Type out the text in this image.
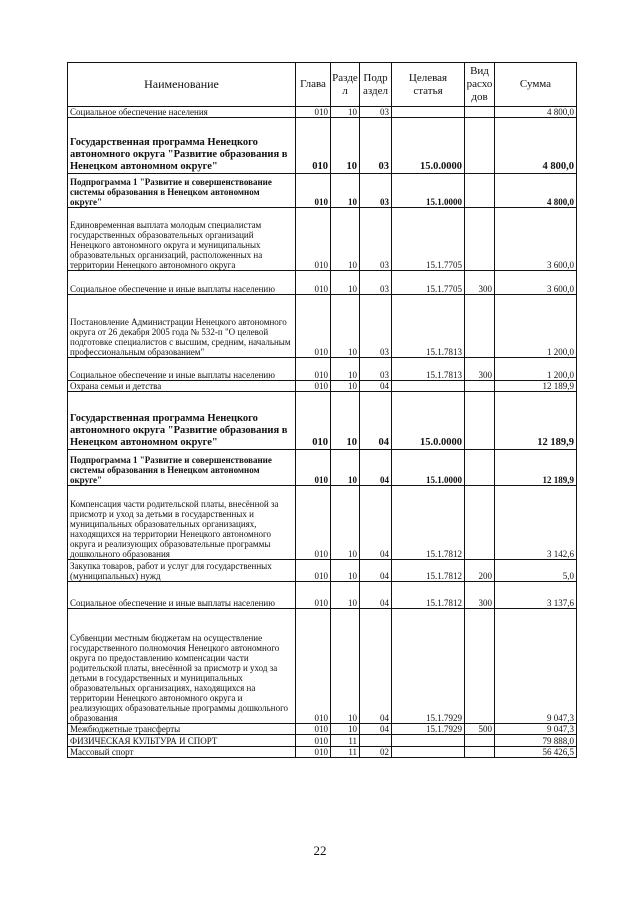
Наименование	Глава	Разде л	Подр аздел	Целевая статья	Вид расхо дов	Сумма
Социальное обеспечение населения	010	10	03			4 800,0
Государственная программа Ненецкого автономного округа "Развитие образования в Ненецком автономном округе"	010	10	03	15.0.0000		4 800,0
Подпрограмма 1 "Развитие и совершенствование системы образования в Ненецком автономном округе"	010	10	03	15.1.0000		4 800,0
Единовременная выплата молодым специалистам государственных образовательных организаций Ненецкого автономного округа и муниципальных образовательных организаций, расположенных на территории Ненецкого автономного округа	010	10	03	15.1.7705		3 600,0
Социальное обеспечение и иные выплаты населению	010	10	03	15.1.7705	300	3 600,0
Постановление Администрации Ненецкого автономного округа от 26 декабря 2005 года № 532-п "О целевой подготовке специалистов с высшим, средним, начальным профессиональным образованием"	010	10	03	15.1.7813		1 200,0
Социальное обеспечение и иные выплаты населению	010	10	03	15.1.7813	300	1 200,0
Охрана семьи и детства	010	10	04			12 189,9
Государственная программа Ненецкого автономного округа "Развитие образования в Ненецком автономном округе"	010	10	04	15.0.0000		12 189,9
Подпрограмма 1 "Развитие и совершенствование системы образования в Ненецком автономном округе"	010	10	04	15.1.0000		12 189,9
Компенсация части родительской платы, внесённой за присмотр и уход за детьми в государственных и муниципальных образовательных организациях, находящихся на территории Ненецкого автономного округа и реализующих образовательные программы дошкольного образования	010	10	04	15.1.7812		3 142,6
Закупка товаров, работ и услуг для государственных (муниципальных) нужд	010	10	04	15.1.7812	200	5,0
Социальное обеспечение и иные выплаты населению	010	10	04	15.1.7812	300	3 137,6
Субвенции местным бюджетам на осуществление государственного полномочия Ненецкого автономного округа по предоставлению компенсации части родительской платы, внесённой за присмотр и уход за детьми в государственных и муниципальных образовательных организациях, находящихся на территории Ненецкого автономного округа и реализующих образовательные программы дошкольного образования	010	10	04	15.1.7929		9 047,3
Межбюджетные трансферты	010	10	04	15.1.7929	500	9 047,3
ФИЗИЧЕСКАЯ КУЛЬТУРА И СПОРТ	010	11				79 888,0
Массовый спорт	010	11	02			56 426,5
22
